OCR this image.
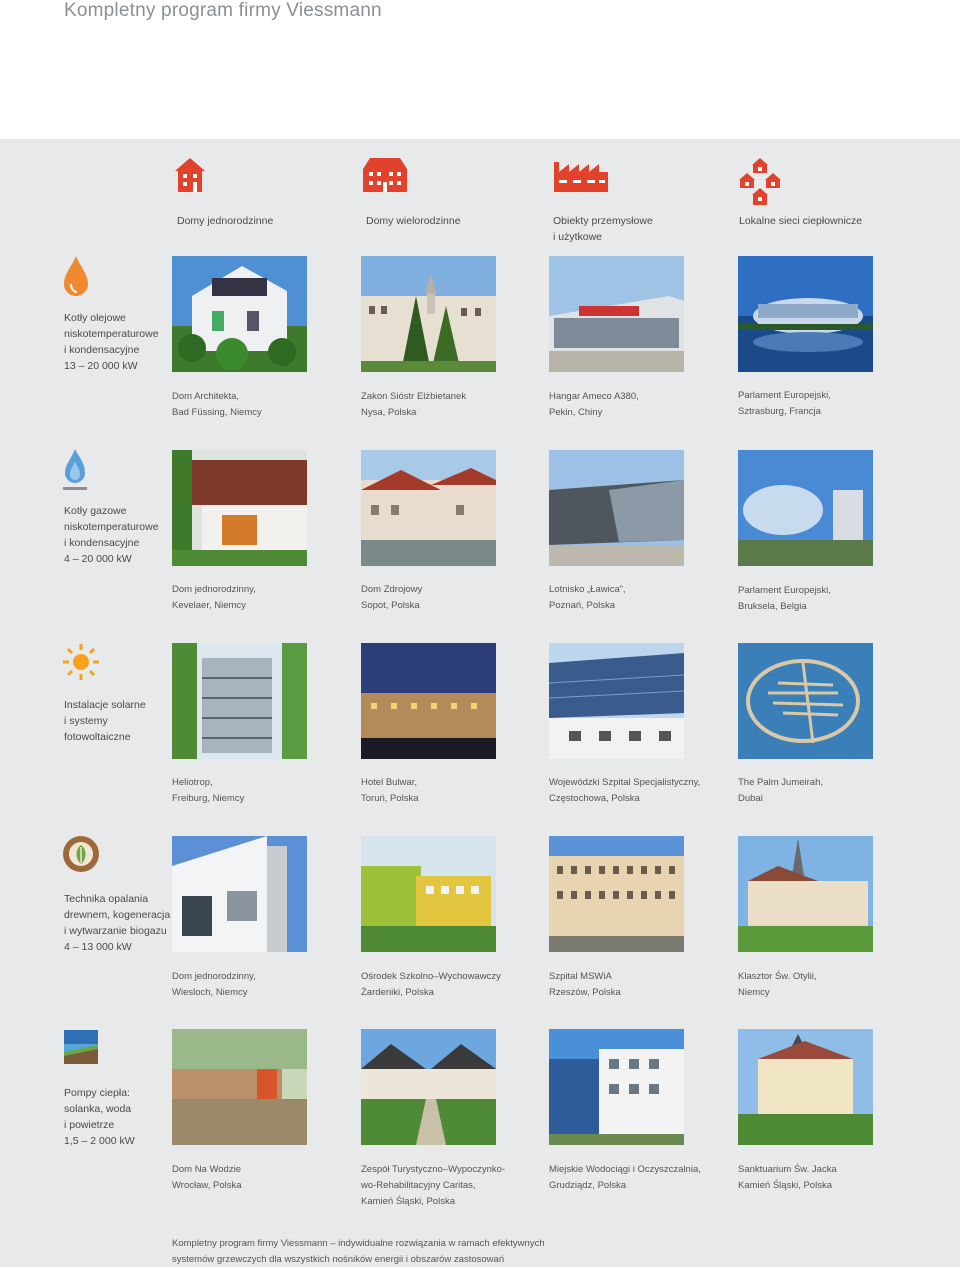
Kompletny program firmy Viessmann
Domy jednorodzinne	Domy wielorodzinne	Obiekty przemysłowe
i użytkowe
Lokalne sieci ciepłownicze
Kotły olejowe
niskotemperaturowe
i kondensacyjne
13 – 20 000 kW
Kotły gazowe
niskotemperaturowe
i kondensacyjne
4 – 20 000 kW
Instalacje solarne
i systemy
fotowoltaiczne
Technika opalania
drewnem, kogeneracja
i wytwarzanie biogazu
4 – 13 000 kW
Pompy ciepła:
solanka, woda
i powietrze
1,5 – 2 000 kW
Dom Architekta,
Bad Füssing, Niemcy
Zakon Sióstr Elżbietanek
Nysa, Polska
Hangar Ameco A380,
Pekin, Chiny
Parlament Europejski,
Sztrasburg, Francja
Dom jednorodzinny,
Kevelaer, Niemcy
Dom Zdrojowy
Sopot, Polska
Lotnisko „Ławica”,
Poznań, Polska
Parlament Europejski,
Bruksela, Belgia
Heliotrop,
Freiburg, Niemcy
Hotel Bulwar,
Toruń, Polska
Wojewódzki Szpital Specjalistyczny,
Częstochowa, Polska
The Palm Jumeirah,
Dubai
Dom jednorodzinny,
Wiesloch, Niemcy
Ośrodek Szkolno–Wychowawczy
Żardeniki, Polska
Szpital MSWiA
Rzeszów, Polska
Klasztor Św. Otylii,
Niemcy
Dom Na Wodzie
Wrocław, Polska
Zespół Turystyczno–Wypoczynko-
wo-Rehabilitacyjny Caritas,
Kamień Śląski, Polska
Miejskie Wodociągi i Oczyszczalnia,
Grudziądz, Polska
Sanktuarium Św. Jacka
Kamień Śląski, Polska
Kompletny program firmy Viessmann – indywidualne rozwiązania w ramach efektywnych
systemów grzewczych dla wszystkich nośników energii i obszarów zastosowań
